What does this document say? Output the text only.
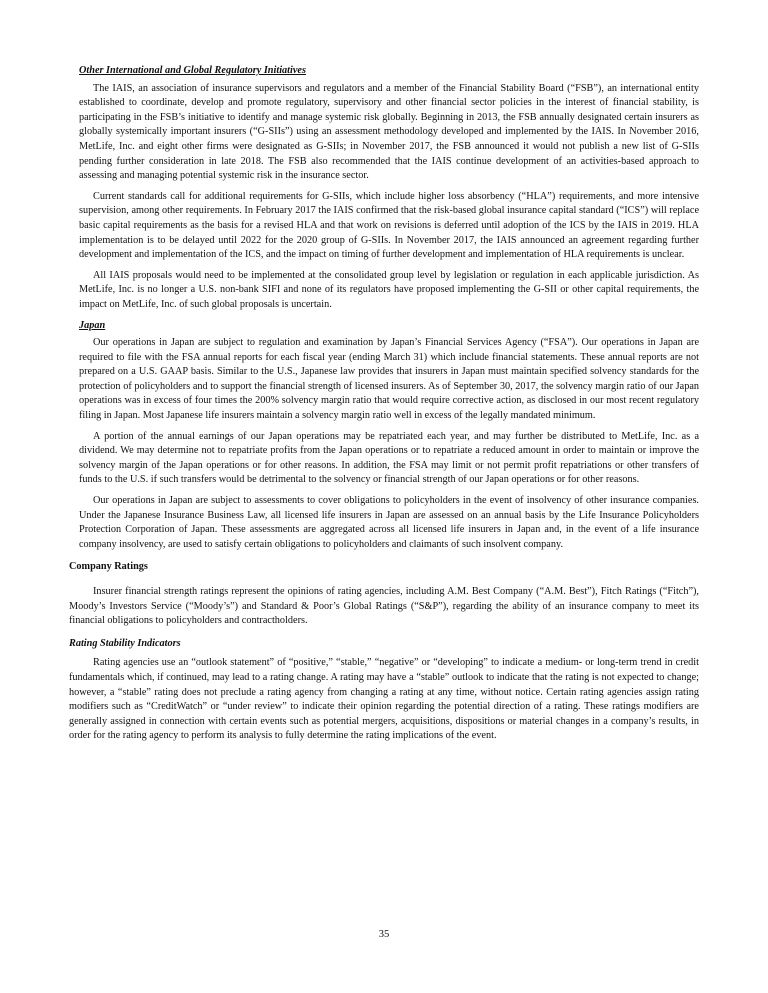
Other International and Global Regulatory Initiatives

The IAIS, an association of insurance supervisors and regulators and a member of the Financial Stability Board (“FSB”), an international entity established to coordinate, develop and promote regulatory, supervisory and other financial sector policies in the interest of financial stability, is participating in the FSB’s initiative to identify and manage systemic risk globally. Beginning in 2013, the FSB annually designated certain insurers as globally systemically important insurers (“G-SIIs”) using an assessment methodology developed and implemented by the IAIS. In November 2016, MetLife, Inc. and eight other firms were designated as G-SIIs; in November 2017, the FSB announced it would not publish a new list of G-SIIs pending further consideration in late 2018. The FSB also recommended that the IAIS continue development of an activities-based approach to assessing and managing potential systemic risk in the insurance sector.

Current standards call for additional requirements for G-SIIs, which include higher loss absorbency (“HLA”) requirements, and more intensive supervision, among other requirements. In February 2017 the IAIS confirmed that the risk-based global insurance capital standard (“ICS”) will replace basic capital requirements as the basis for a revised HLA and that work on revisions is deferred until adoption of the ICS by the IAIS in 2019. HLA implementation is to be delayed until 2022 for the 2020 group of G-SIIs. In November 2017, the IAIS announced an agreement regarding further development and implementation of the ICS, and the impact on timing of further development and implementation of HLA requirements is unclear.

All IAIS proposals would need to be implemented at the consolidated group level by legislation or regulation in each applicable jurisdiction. As MetLife, Inc. is no longer a U.S. non-bank SIFI and none of its regulators have proposed implementing the G-SII or other capital requirements, the impact on MetLife, Inc. of such global proposals is uncertain.

Japan

Our operations in Japan are subject to regulation and examination by Japan’s Financial Services Agency (“FSA”). Our operations in Japan are required to file with the FSA annual reports for each fiscal year (ending March 31) which include financial statements. These annual reports are not prepared on a U.S. GAAP basis. Similar to the U.S., Japanese law provides that insurers in Japan must maintain specified solvency standards for the protection of policyholders and to support the financial strength of licensed insurers. As of September 30, 2017, the solvency margin ratio of our Japan operations was in excess of four times the 200% solvency margin ratio that would require corrective action, as disclosed in our most recent regulatory filing in Japan. Most Japanese life insurers maintain a solvency margin ratio well in excess of the legally mandated minimum.

A portion of the annual earnings of our Japan operations may be repatriated each year, and may further be distributed to MetLife, Inc. as a dividend. We may determine not to repatriate profits from the Japan operations or to repatriate a reduced amount in order to maintain or improve the solvency margin of the Japan operations or for other reasons. In addition, the FSA may limit or not permit profit repatriations or other transfers of funds to the U.S. if such transfers would be detrimental to the solvency or financial strength of our Japan operations or for other reasons.

Our operations in Japan are subject to assessments to cover obligations to policyholders in the event of insolvency of other insurance companies. Under the Japanese Insurance Business Law, all licensed life insurers in Japan are assessed on an annual basis by the Life Insurance Policyholders Protection Corporation of Japan. These assessments are aggregated across all licensed life insurers in Japan and, in the event of a life insurance company insolvency, are used to satisfy certain obligations to policyholders and claimants of such insolvent company.

Company Ratings

Insurer financial strength ratings represent the opinions of rating agencies, including A.M. Best Company (“A.M. Best”), Fitch Ratings (“Fitch”), Moody’s Investors Service (“Moody’s”) and Standard & Poor’s Global Ratings (“S&P”), regarding the ability of an insurance company to meet its financial obligations to policyholders and contractholders.

Rating Stability Indicators

Rating agencies use an “outlook statement” of “positive,” “stable,” “negative” or “developing” to indicate a medium- or long-term trend in credit fundamentals which, if continued, may lead to a rating change. A rating may have a “stable” outlook to indicate that the rating is not expected to change; however, a “stable” rating does not preclude a rating agency from changing a rating at any time, without notice. Certain rating agencies assign rating modifiers such as “CreditWatch” or “under review” to indicate their opinion regarding the potential direction of a rating. These ratings modifiers are generally assigned in connection with certain events such as potential mergers, acquisitions, dispositions or material changes in a company’s results, in order for the rating agency to perform its analysis to fully determine the rating implications of the event.

35
